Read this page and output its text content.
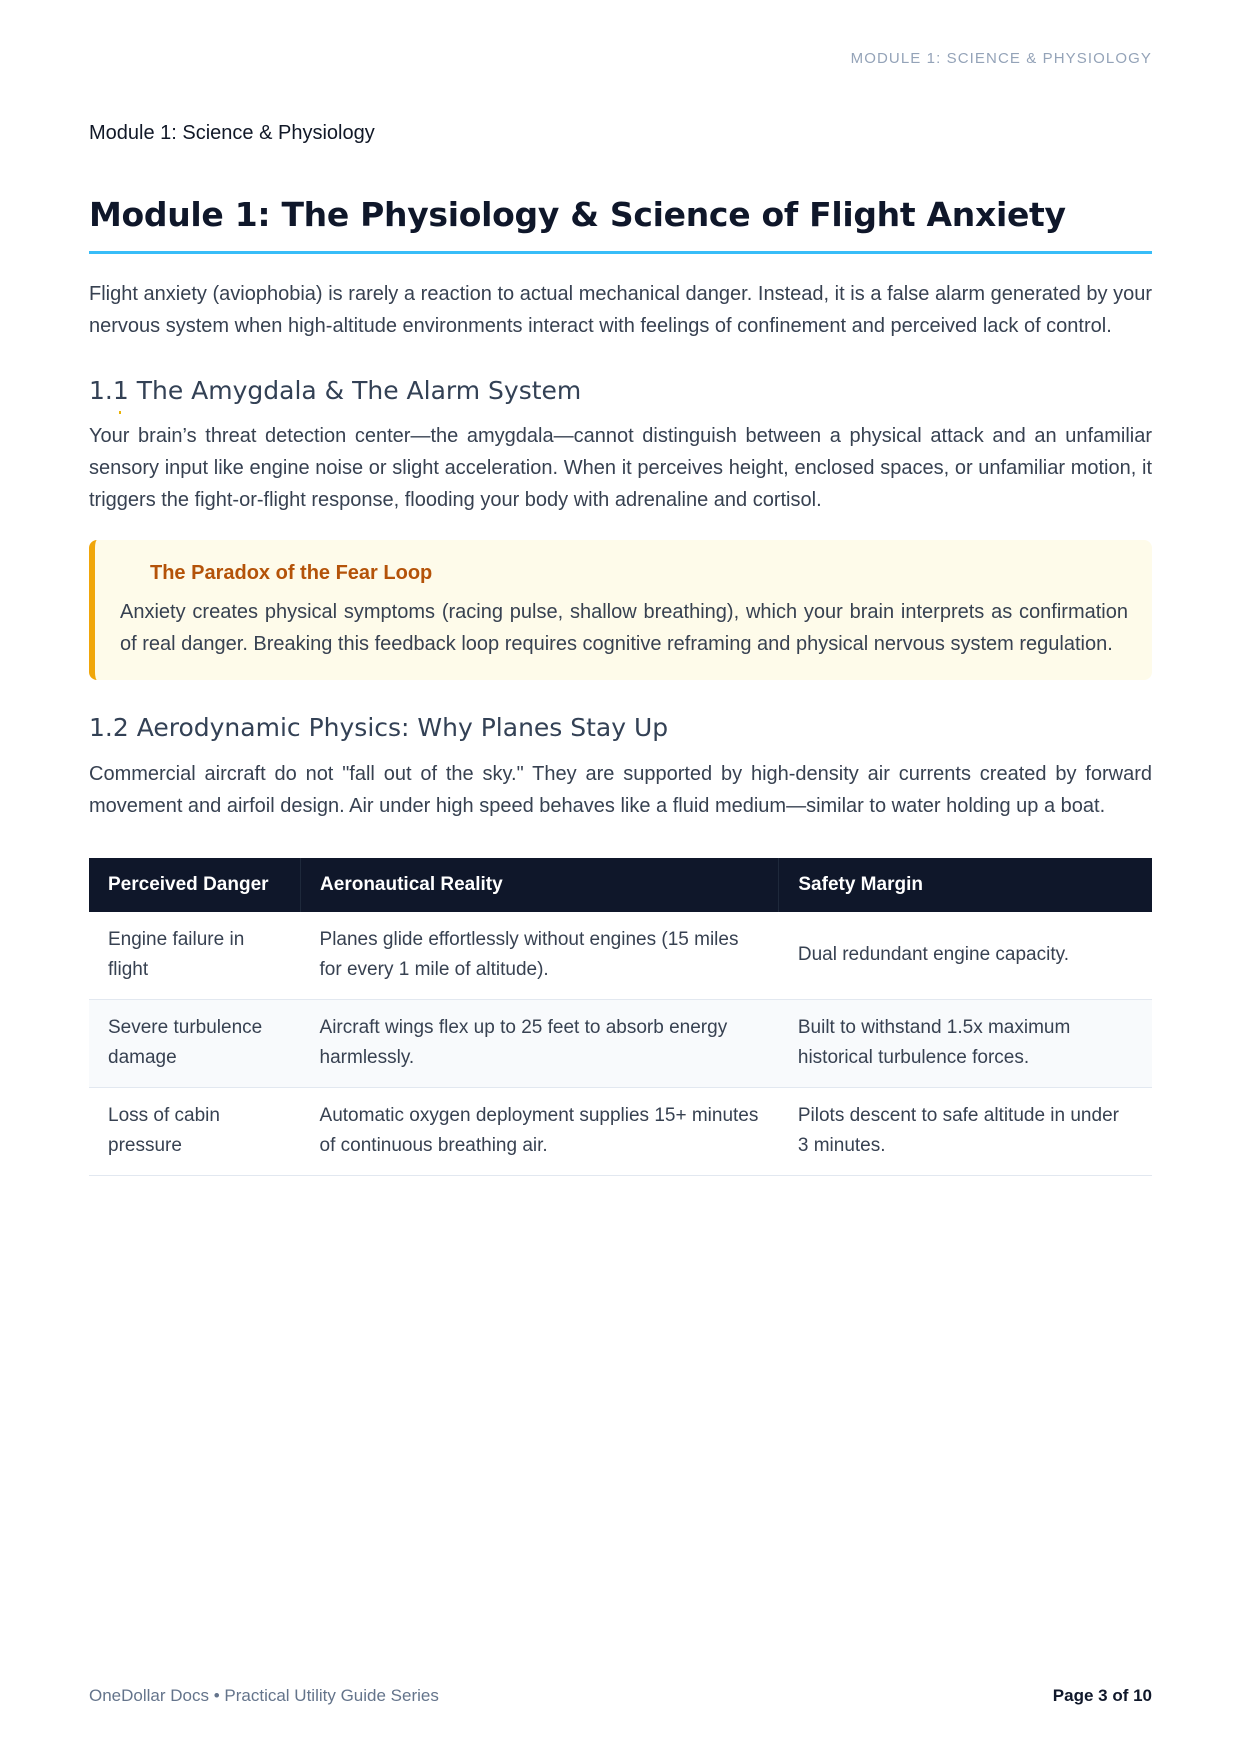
MODULE 1: SCIENCE & PHYSIOLOGY
Module 1: Science & Physiology
Module 1: The Physiology & Science of Flight Anxiety

Flight anxiety (aviophobia) is rarely a reaction to actual mechanical danger. Instead, it is a false alarm generated by your nervous system when high-altitude environments interact with feelings of confinement and perceived lack of control.

1.1 The Amygdala & The Alarm System

Your brain’s threat detection center—the amygdala—cannot distinguish between a physical attack and an unfamiliar sensory input like engine noise or slight acceleration. When it perceives height, enclosed spaces, or unfamiliar motion, it triggers the fight-or-flight response, flooding your body with adrenaline and cortisol.

The Paradox of the Fear Loop

Anxiety creates physical symptoms (racing pulse, shallow breathing), which your brain interprets as confirmation of real danger. Breaking this feedback loop requires cognitive reframing and physical nervous system regulation.

1.2 Aerodynamic Physics: Why Planes Stay Up

Commercial aircraft do not "fall out of the sky." They are supported by high-density air currents created by forward movement and airfoil design. Air under high speed behaves like a fluid medium—similar to water holding up a boat.

Perceived Danger	Aeronautical Reality	Safety Margin
Engine failure in flight	Planes glide effortlessly without engines (15 miles for every 1 mile of altitude).	Dual redundant engine capacity.
Severe turbulence damage	Aircraft wings flex up to 25 feet to absorb energy harmlessly.	Built to withstand 1.5x maximum historical turbulence forces.
Loss of cabin pressure	Automatic oxygen deployment supplies 15+ minutes of continuous breathing air.	Pilots descent to safe altitude in under 3 minutes.
OneDollar Docs • Practical Utility Guide Series	Page 3 of 10
